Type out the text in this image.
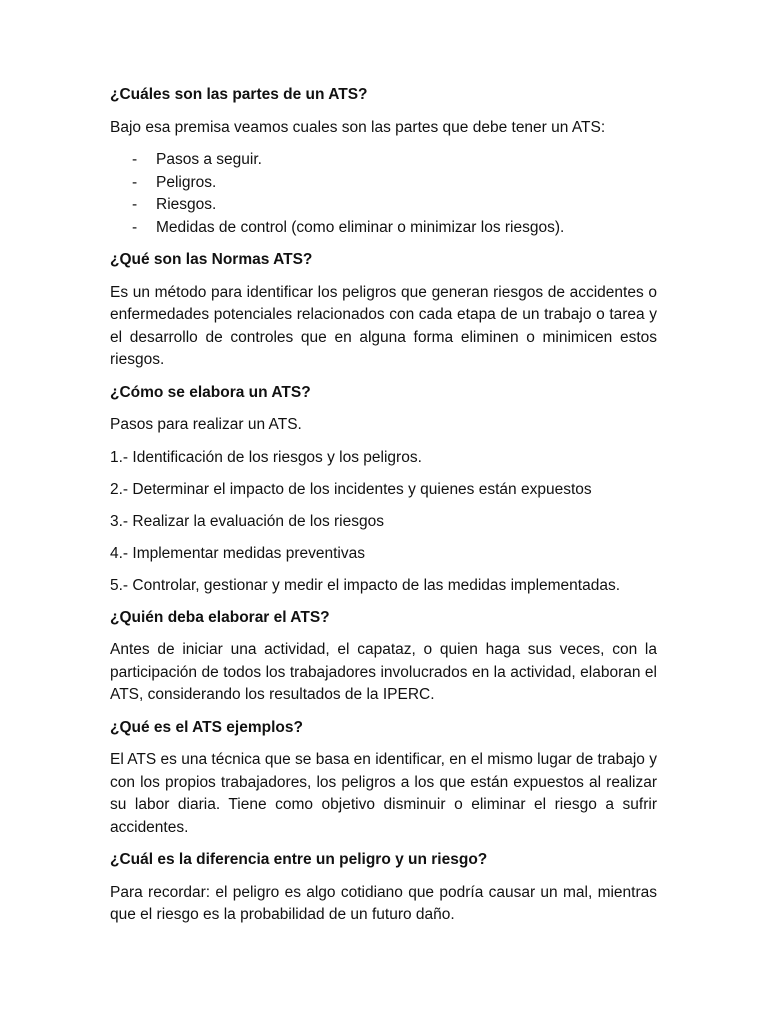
¿Cuáles son las partes de un ATS?
Bajo esa premisa veamos cuales son las partes que debe tener un ATS:
- Pasos a seguir.
- Peligros.
- Riesgos.
- Medidas de control (como eliminar o minimizar los riesgos).
¿Qué son las Normas ATS?
Es un método para identificar los peligros que generan riesgos de accidentes o enfermedades potenciales relacionados con cada etapa de un trabajo o tarea y el desarrollo de controles que en alguna forma eliminen o minimicen estos riesgos.
¿Cómo se elabora un ATS?
Pasos para realizar un ATS.
1.- Identificación de los riesgos y los peligros.
2.- Determinar el impacto de los incidentes y quienes están expuestos
3.- Realizar la evaluación de los riesgos
4.- Implementar medidas preventivas
5.- Controlar, gestionar y medir el impacto de las medidas implementadas.
¿Quién deba elaborar el ATS?
Antes de iniciar una actividad, el capataz, o quien haga sus veces, con la participación de todos los trabajadores involucrados en la actividad, elaboran el ATS, considerando los resultados de la IPERC.
¿Qué es el ATS ejemplos?
El ATS es una técnica que se basa en identificar, en el mismo lugar de trabajo y con los propios trabajadores, los peligros a los que están expuestos al realizar su labor diaria. Tiene como objetivo disminuir o eliminar el riesgo a sufrir accidentes.
¿Cuál es la diferencia entre un peligro y un riesgo?
Para recordar: el peligro es algo cotidiano que podría causar un mal, mientras que el riesgo es la probabilidad de un futuro daño.
